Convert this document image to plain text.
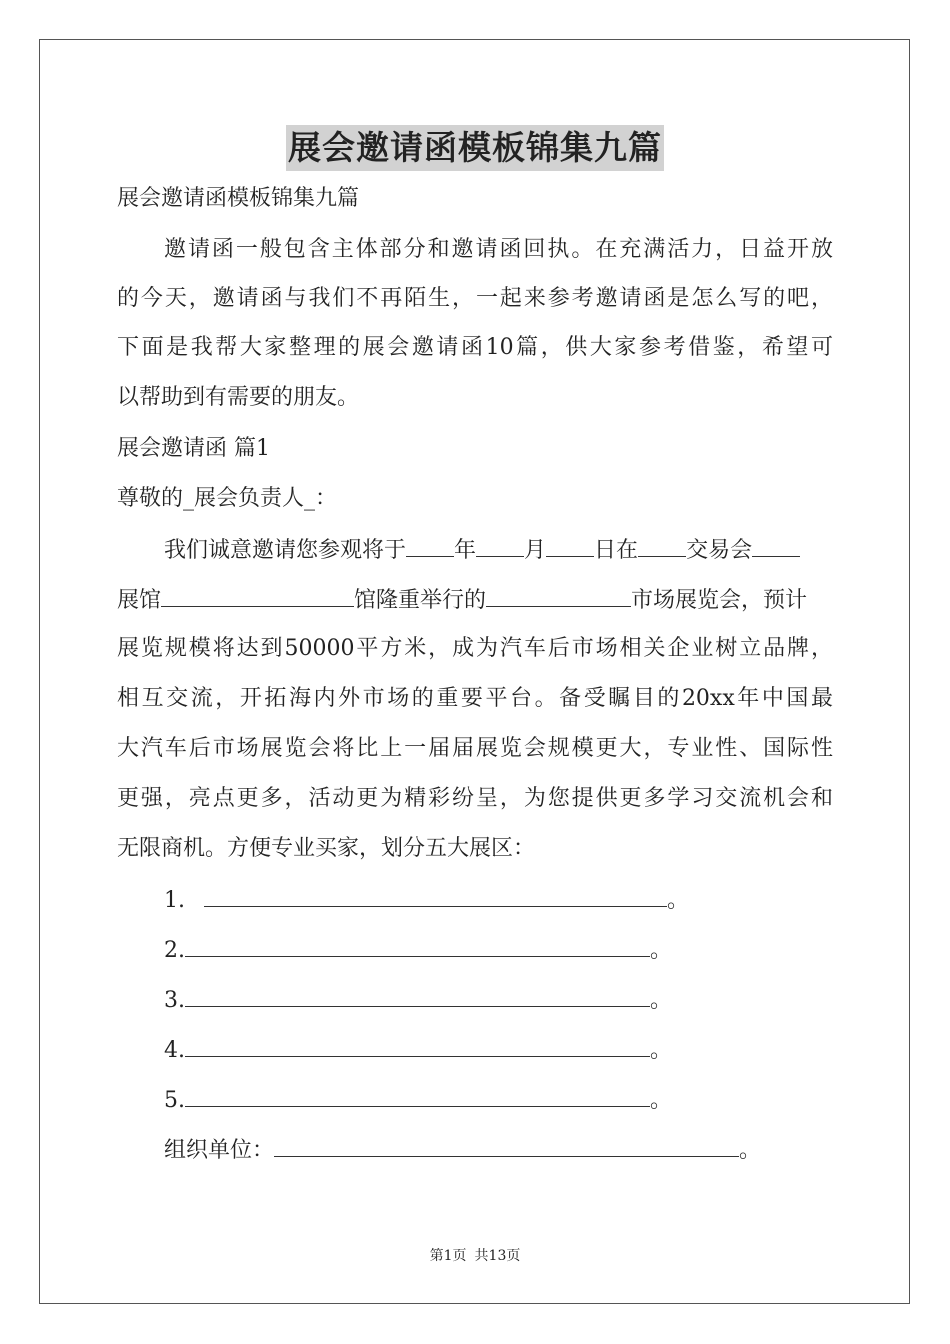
展会邀请函模板锦集九篇
展会邀请函模板锦集九篇
邀请函一般包含主体部分和邀请函回执。在充满活力，日益开放
的今天，邀请函与我们不再陌生，一起来参考邀请函是怎么写的吧，
下面是我帮大家整理的展会邀请函10篇，供大家参考借鉴，希望可
以帮助到有需要的朋友。
展会邀请函 篇1
尊敬的_展会负责人_：
我们诚意邀请您参观将于 年 月 日在 交易会
展馆	馆隆重举行的	市场展览会，预计
展览规模将达到50000平方米，成为汽车后市场相关企业树立品牌，
相互交流，开拓海内外市场的重要平台。备受瞩目的20xx年中国最
大汽车后市场展览会将比上一届届展览会规模更大，专业性、国际性
更强，亮点更多，活动更为精彩纷呈，为您提供更多学习交流机会和
无限商机。方便专业买家，划分五大展区：
1.	。
2.	。
3.	。
4.	。
5.	。
组织单位：	。
第1页 共13页
